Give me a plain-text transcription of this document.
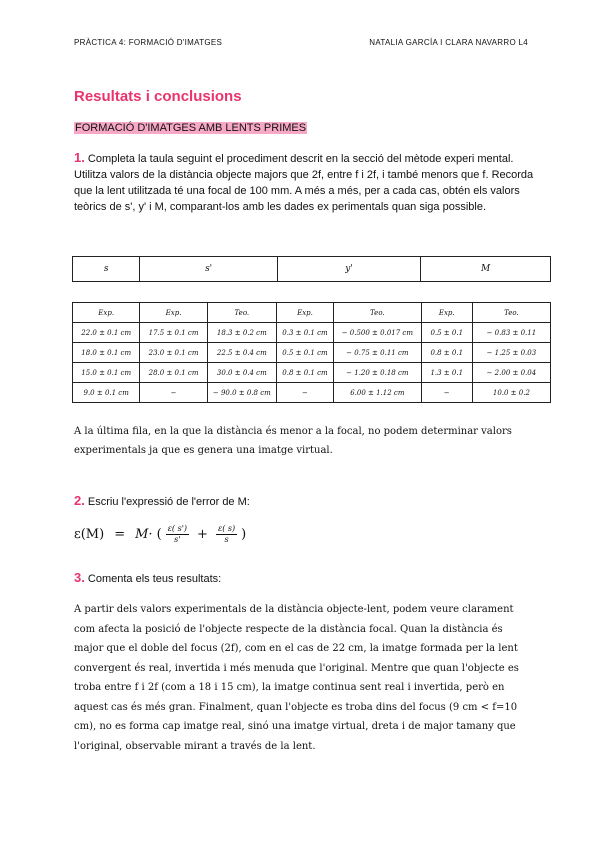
PRÀCTICA 4: FORMACIÓ D'IMATGES	NATALIA GARCÍA I CLARA NAVARRO L4
Resultats i conclusions
FORMACIÓ D'IMATGES AMB LENTS PRIMES
1. Completa la taula seguint el procediment descrit en la secció del mètode experi mental. Utilitza valors de la distància objecte majors que 2f, entre f i 2f, i també menors que f. Recorda que la lent utilitzada té una focal de 100 mm. A més a més, per a cada cas, obtén els valors teòrics de s', y' i M, comparant-los amb les dades ex perimentals quan siga possible.
s	s'	y'	M
Exp.	Exp.	Teo.	Exp.	Teo.	Exp.	Teo.
22.0 ± 0.1 cm	17.5 ± 0.1 cm	18.3 ± 0.2 cm	0.3 ± 0.1 cm	− 0.500 ± 0.017 cm	0.5 ± 0.1	− 0.83 ± 0.11
18.0 ± 0.1 cm	23.0 ± 0.1 cm	22.5 ± 0.4 cm	0.5 ± 0.1 cm	− 0.75 ± 0.11 cm	0.8 ± 0.1	− 1.25 ± 0.03
15.0 ± 0.1 cm	28.0 ± 0.1 cm	30.0 ± 0.4 cm	0.8 ± 0.1 cm	− 1.20 ± 0.18 cm	1.3 ± 0.1	− 2.00 ± 0.04
9.0 ± 0.1 cm	−	− 90.0 ± 0.8 cm	−	6.00 ± 1.12 cm	−	10.0 ± 0.2
A la última fila, en la que la distància és menor a la focal, no podem determinar valors experimentals ja que es genera una imatge virtual.
2. Escriu l'expressió de l'error de M:
ε(M) = M· ( $\frac{\varepsilon( s')}{s'} + \frac{\varepsilon( s)}{s}$ )
3. Comenta els teus resultats:
A partir dels valors experimentals de la distància objecte-lent, podem veure clarament com afecta la posició de l'objecte respecte de la distància focal. Quan la distància és major que el doble del focus (2f), com en el cas de 22 cm, la imatge formada per la lent convergent és real, invertida i més menuda que l'original. Mentre que quan l'objecte es troba entre f i 2f (com a 18 i 15 cm), la imatge continua sent real i invertida, però en aquest cas és més gran. Finalment, quan l'objecte es troba dins del focus (9 cm < f=10 cm), no es forma cap imatge real, sinó una imatge virtual, dreta i de major tamany que l'original, observable mirant a través de la lent.
